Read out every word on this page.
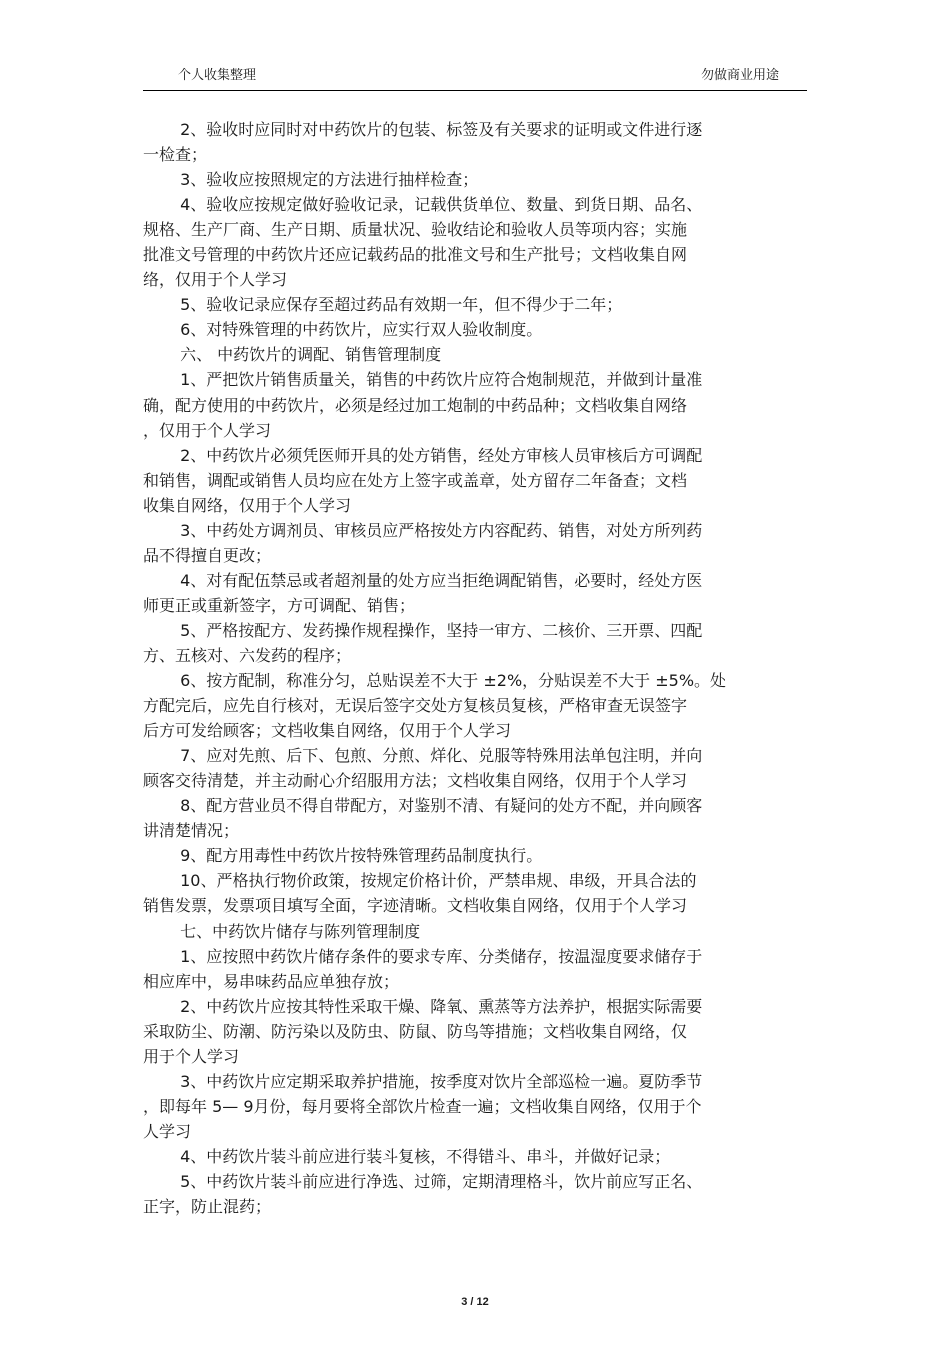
个人收集整理	勿做商业用途
　　 2、验收时应同时对中药饮片的包装、标签及有关要求的证明或文件进行逐
一检查；
　　 3、验收应按照规定的方法进行抽样检查；
　　 4、验收应按规定做好验收记录，记载供货单位、数量、到货日期、品名、
规格、生产厂商、生产日期、质量状况、验收结论和验收人员等项内容；实施
批准文号管理的中药饮片还应记载药品的批准文号和生产批号；文档收集自网
络，仅用于个人学习
　　 5、验收记录应保存至超过药品有效期一年，但不得少于二年；
　　 6、对特殊管理的中药饮片，应实行双人验收制度。
　　 六、 中药饮片的调配、销售管理制度
　　 1、严把饮片销售质量关，销售的中药饮片应符合炮制规范，并做到计量准
确，配方使用的中药饮片，必须是经过加工炮制的中药品种；文档收集自网络
，仅用于个人学习
　　 2、中药饮片必须凭医师开具的处方销售，经处方审核人员审核后方可调配
和销售，调配或销售人员均应在处方上签字或盖章，处方留存二年备查；文档
收集自网络，仅用于个人学习
　　 3、中药处方调剂员、审核员应严格按处方内容配药、销售，对处方所列药
品不得擅自更改；
　　 4、对有配伍禁忌或者超剂量的处方应当拒绝调配销售，必要时，经处方医
师更正或重新签字，方可调配、销售；
　　 5、严格按配方、发药操作规程操作，坚持一审方、二核价、三开票、四配
方、五核对、六发药的程序；
　　 6、按方配制，称准分匀，总贴误差不大于 ±2%，分贴误差不大于 ±5%。处
方配完后，应先自行核对，无误后签字交处方复核员复核，严格审查无误签字
后方可发给顾客；文档收集自网络，仅用于个人学习
　　 7、应对先煎、后下、包煎、分煎、烊化、兑服等特殊用法单包注明，并向
顾客交待清楚，并主动耐心介绍服用方法；文档收集自网络，仅用于个人学习
　　 8、配方营业员不得自带配方，对鉴别不清、有疑问的处方不配，并向顾客
讲清楚情况；
　　 9、配方用毒性中药饮片按特殊管理药品制度执行。
　　 10、严格执行物价政策，按规定价格计价，严禁串规、串级，开具合法的
销售发票，发票项目填写全面，字迹清晰。文档收集自网络，仅用于个人学习
　　 七、中药饮片储存与陈列管理制度
　　 1、应按照中药饮片储存条件的要求专库、分类储存，按温湿度要求储存于
相应库中，易串味药品应单独存放；
　　 2、中药饮片应按其特性采取干燥、降氧、熏蒸等方法养护，根据实际需要
采取防尘、防潮、防污染以及防虫、防鼠、防鸟等措施；文档收集自网络，仅
用于个人学习
　　 3、中药饮片应定期采取养护措施，按季度对饮片全部巡检一遍。夏防季节
，即每年 5— 9月份，每月要将全部饮片检查一遍；文档收集自网络，仅用于个
人学习
　　 4、中药饮片装斗前应进行装斗复核，不得错斗、串斗，并做好记录；
　　 5、中药饮片装斗前应进行净选、过筛，定期清理格斗，饮片前应写正名、
正字，防止混药；
3 / 12
